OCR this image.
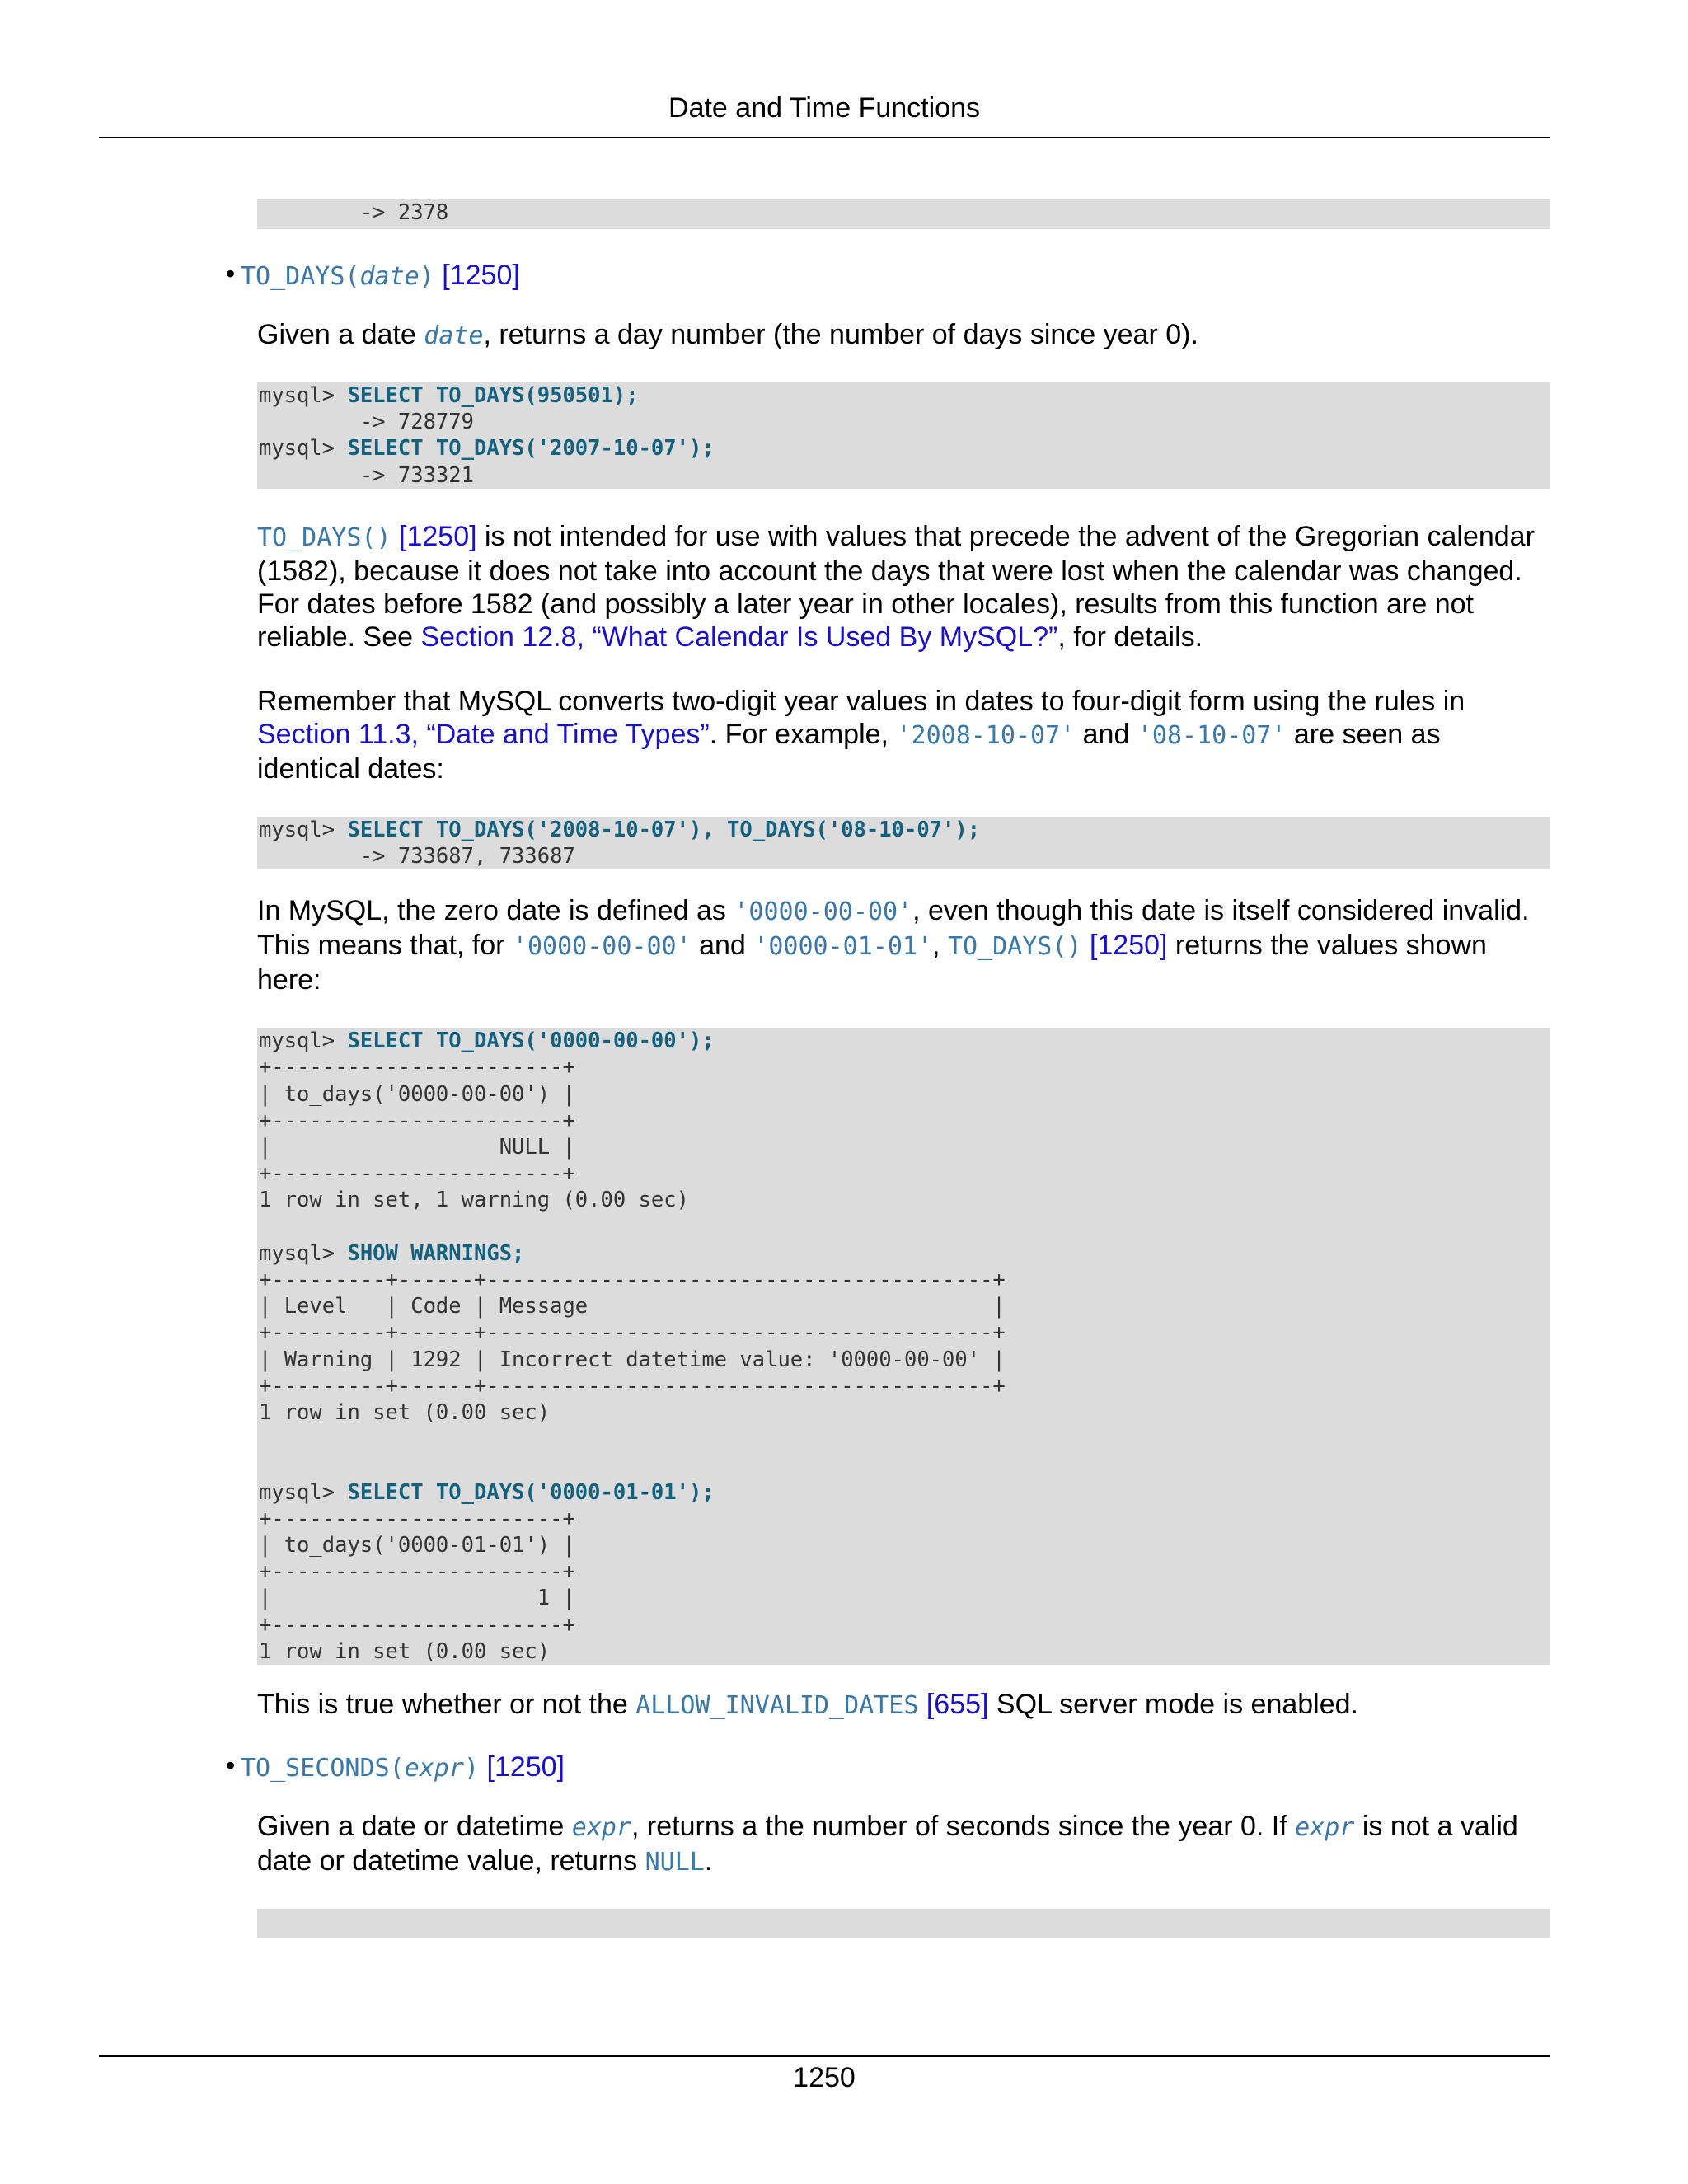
Date and Time Functions
-> 2378
• TO_DAYS(date) [1250]

Given a date date, returns a day number (the number of days since year 0).

mysql> SELECT TO_DAYS(950501);
-> 728779
mysql> SELECT TO_DAYS('2007-10-07');
-> 733321

TO_DAYS() [1250] is not intended for use with values that precede the advent of the Gregorian calendar (1582), because it does not take into account the days that were lost when the calendar was changed. For dates before 1582 (and possibly a later year in other locales), results from this function are not reliable. See Section 12.8, “What Calendar Is Used By MySQL?”, for details.

Remember that MySQL converts two-digit year values in dates to four-digit form using the rules in Section 11.3, “Date and Time Types”. For example, '2008-10-07' and '08-10-07' are seen as identical dates:

mysql> SELECT TO_DAYS('2008-10-07'), TO_DAYS('08-10-07');
-> 733687, 733687

In MySQL, the zero date is defined as '0000-00-00', even though this date is itself considered invalid. This means that, for '0000-00-00' and '0000-01-01', TO_DAYS() [1250] returns the values shown here:

mysql> SELECT TO_DAYS('0000-00-00');
+-----------------------+
| to_days('0000-00-00') |
+-----------------------+
|                  NULL |
+-----------------------+
1 row in set, 1 warning (0.00 sec)

mysql> SHOW WARNINGS;
+---------+------+----------------------------------------+
| Level   | Code | Message                                |
+---------+------+----------------------------------------+
| Warning | 1292 | Incorrect datetime value: '0000-00-00' |
+---------+------+----------------------------------------+
1 row in set (0.00 sec)

mysql> SELECT TO_DAYS('0000-01-01');
+-----------------------+
| to_days('0000-01-01') |
+-----------------------+
|                     1 |
+-----------------------+
1 row in set (0.00 sec)

This is true whether or not the ALLOW_INVALID_DATES [655] SQL server mode is enabled.

• TO_SECONDS(expr) [1250]

Given a date or datetime expr, returns a the number of seconds since the year 0. If expr is not a valid date or datetime value, returns NULL.

1250
